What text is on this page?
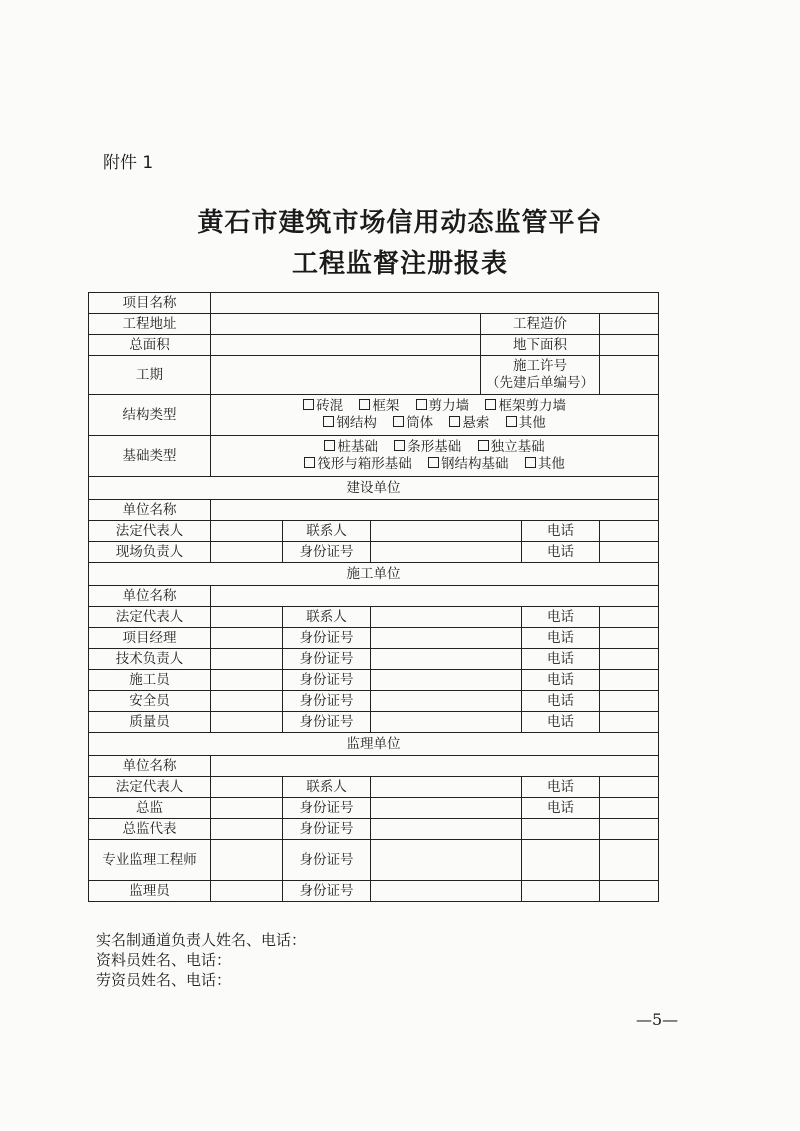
附件 1
黄石市建筑市场信用动态监管平台
工程监督注册报表
项目名称						
工程地址				工程造价		
总面积				地下面积		
工期				施工许号
（先建后单编号）		

结构类型	砖混 框架 剪力墙 框架剪力墙
钢结构 筒体 悬索 其他					

基础类型	桩基础 条形基础 独立基础
筏形与箱形基础 钢结构基础 其他					

建设单位						
单位名称						
法定代表人		联系人			电话	
现场负责人		身份证号			电话	
施工单位						
单位名称						
法定代表人		联系人			电话	
项目经理		身份证号			电话	
技术负责人		身份证号			电话	
施工员		身份证号			电话	
安全员		身份证号			电话	
质量员		身份证号			电话	
监理单位						
单位名称						
法定代表人		联系人			电话	
总监		身份证号			电话	
总监代表		身份证号				
专业监理工程师		身份证号				
监理员		身份证号				
实名制通道负责人姓名、电话：
资料员姓名、电话：
劳资员姓名、电话：
—5—
